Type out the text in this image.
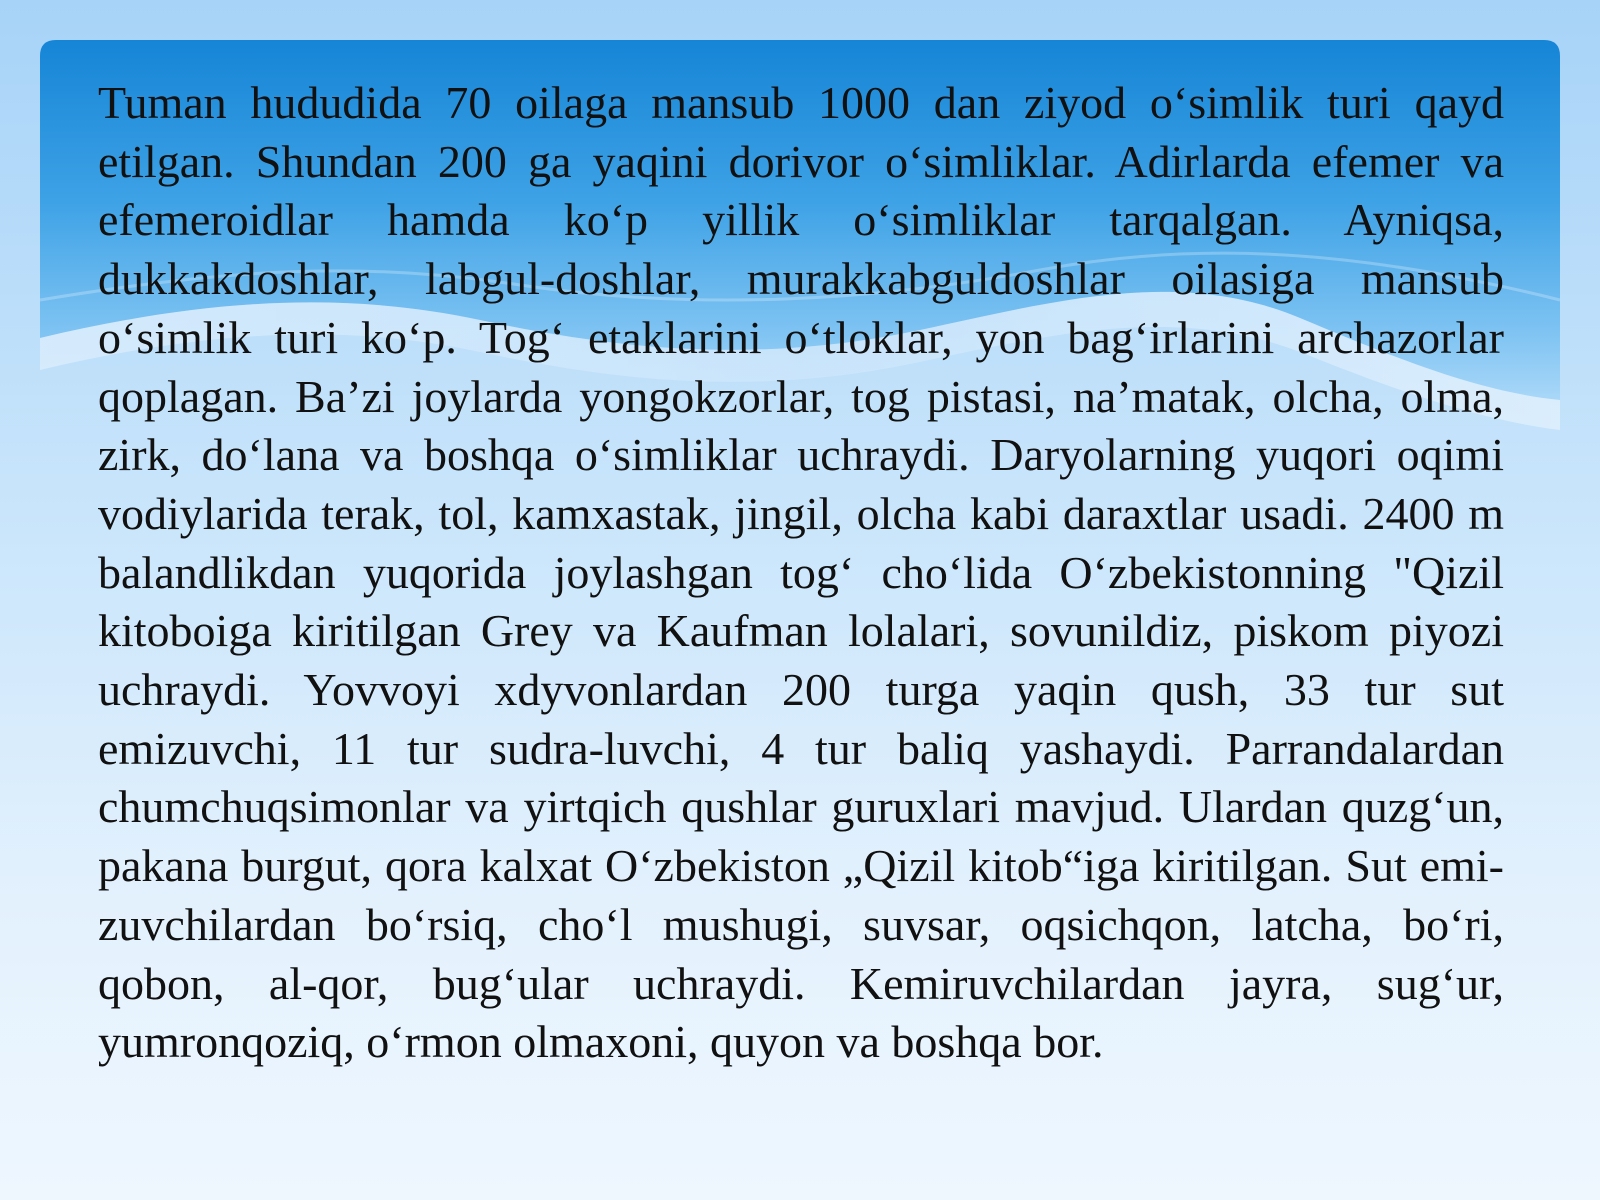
Tuman hududida 70 oilaga mansub 1000 dan ziyod o‘simlik turi qayd etilgan. Shundan 200 ga yaqini dorivor o‘simliklar. Adirlarda efemer va efemeroidlar hamda ko‘p yillik o‘simliklar tarqalgan. Ayniqsa, dukkakdoshlar, labgul-doshlar, murakkabguldoshlar oilasiga mansub o‘simlik turi ko‘p. Tog‘ etaklarini o‘tloklar, yon bag‘irlarini archazorlar qoplagan. Ba’zi joylarda yongokzorlar, tog pistasi, na’matak, olcha, olma, zirk, do‘lana va boshqa o‘simliklar uchraydi. Daryolarning yuqori oqimi vodiylarida terak, tol, kamxastak, jingil, olcha kabi daraxtlar usadi. 2400 m balandlikdan yuqorida joylashgan tog‘ cho‘lida O‘zbekistonning "Qizil kitoboiga kiritilgan Grey va Kaufman lolalari, sovunildiz, piskom piyozi uchraydi. Yovvoyi xdyvonlardan 200 turga yaqin qush, 33 tur sut emizuvchi, 11 tur sudra-luvchi, 4 tur baliq yashaydi. Parrandalardan chumchuqsimonlar va yirtqich qushlar guruxlari mavjud. Ulardan quzg‘un, pakana burgut, qora kalxat O‘zbekiston „Qizil kitob“iga kiritilgan. Sut emi-zuvchilardan bo‘rsiq, cho‘l mushugi, suvsar, oqsichqon, latcha, bo‘ri, qobon, al-qor, bug‘ular uchraydi. Kemiruvchilardan jayra, sug‘ur, yumronqoziq, o‘rmon olmaxoni, quyon va boshqa bor.
